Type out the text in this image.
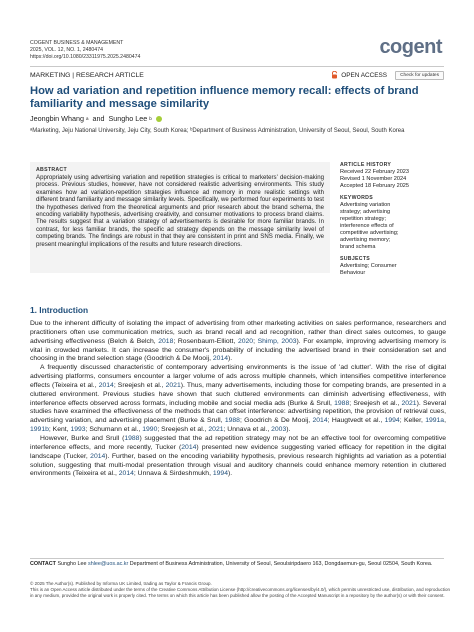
COGENT BUSINESS & MANAGEMENT
2025, VOL. 12, NO. 1, 2480474
https://doi.org/10.1080/23311975.2025.2480474	cogent
MARKETING | RESEARCH ARTICLE	OPEN ACCESS	Check for updates
How ad variation and repetition influence memory recall: effects of brand familiarity and message similarity
Jeongbin Whang a and Sungho Lee b

ᵃMarketing, Jeju National University, Jeju City, South Korea; ᵇDepartment of Business Administration, University of Seoul, Seoul, South Korea

ABSTRACT

Appropriately using advertising variation and repetition strategies is critical to marketers' decision-making process. Previous studies, however, have not considered realistic advertising environments. This study examines how ad variation-repetition strategies influence ad memory in more realistic settings with different brand familiarity and message similarity levels. Specifically, we performed four experiments to test the hypotheses derived from the theoretical arguments and prior research about the brand schema, the encoding variability hypothesis, advertising creativity, and consumer motivations to process brand claims. The results suggest that a variation strategy of advertisements is desirable for more familiar brands. In contrast, for less familiar brands, the specific ad strategy depends on the message similarity level of competing brands. The findings are robust in that they are consistent in print and SNS media. Finally, we present meaningful implications of the results and future research directions.

ARTICLE HISTORY
Received 22 February 2023
Revised 1 November 2024
Accepted 18 February 2025
KEYWORDS
Advertising variation
strategy; advertising
repetition strategy;
interference effects of
competitive advertising;
advertising memory;
brand schema
SUBJECTS
Advertising; Consumer
Behaviour
1. Introduction

Due to the inherent difficulty of isolating the impact of advertising from other marketing activities on sales performance, researchers and practitioners often use communication metrics, such as brand recall and ad recognition, rather than direct sales outcomes, to gauge advertising effectiveness (Belch & Belch, 2018; Rosenbaum-Elliott, 2020; Shimp, 2003). For example, improving advertising memory is vital in crowded markets. It can increase the consumer's probability of including the advertised brand in their consideration set and choosing in the brand selection stage (Goodrich & De Mooij, 2014).

A frequently discussed characteristic of contemporary advertising environments is the issue of 'ad clutter'. With the rise of digital advertising platforms, consumers encounter a larger volume of ads across multiple channels, which intensifies competitive interference effects (Teixeira et al., 2014; Sreejesh et al., 2021). Thus, many advertisements, including those for competing brands, are presented in a cluttered environment. Previous studies have shown that such cluttered environments can diminish advertising effectiveness, with interference effects observed across formats, including mobile and social media ads (Burke & Srull, 1988; Sreejesh et al., 2021). Several studies have examined the effectiveness of the methods that can offset interference: advertising repetition, the provision of retrieval cues, advertising variation, and advertising placement (Burke & Srull, 1988; Goodrich & De Mooij, 2014; Haugtvedt et al., 1994; Keller, 1991a, 1991b; Kent, 1993; Schumann et al., 1990; Sreejesh et al., 2021; Unnava et al., 2003).

However, Burke and Srull (1988) suggested that the ad repetition strategy may not be an effective tool for overcoming competitive interference effects, and more recently, Tucker (2014) presented new evidence suggesting varied efficacy for repetition in the digital landscape (Tucker, 2014). Further, based on the encoding variability hypothesis, previous research highlights ad variation as a potential solution, suggesting that multi-modal presentation through visual and auditory channels could enhance memory retention in cluttered environments (Teixeira et al., 2014; Unnava & Sirdeshmukh, 1994).

CONTACT Sungho Lee shlee@uos.ac.kr Department of Business Administration, University of Seoul, Seoulsiripdaero 163, Dongdaemun-gu, Seoul 02504, South Korea.

© 2025 The Author(s). Published by Informa UK Limited, trading as Taylor & Francis Group.
This is an Open Access article distributed under the terms of the Creative Commons Attribution License (http://creativecommons.org/licenses/by/4.0/), which permits unrestricted use, distribution, and reproduction in any medium, provided the original work is properly cited. The terms on which this article has been published allow the posting of the Accepted Manuscript in a repository by the author(s) or with their consent.
